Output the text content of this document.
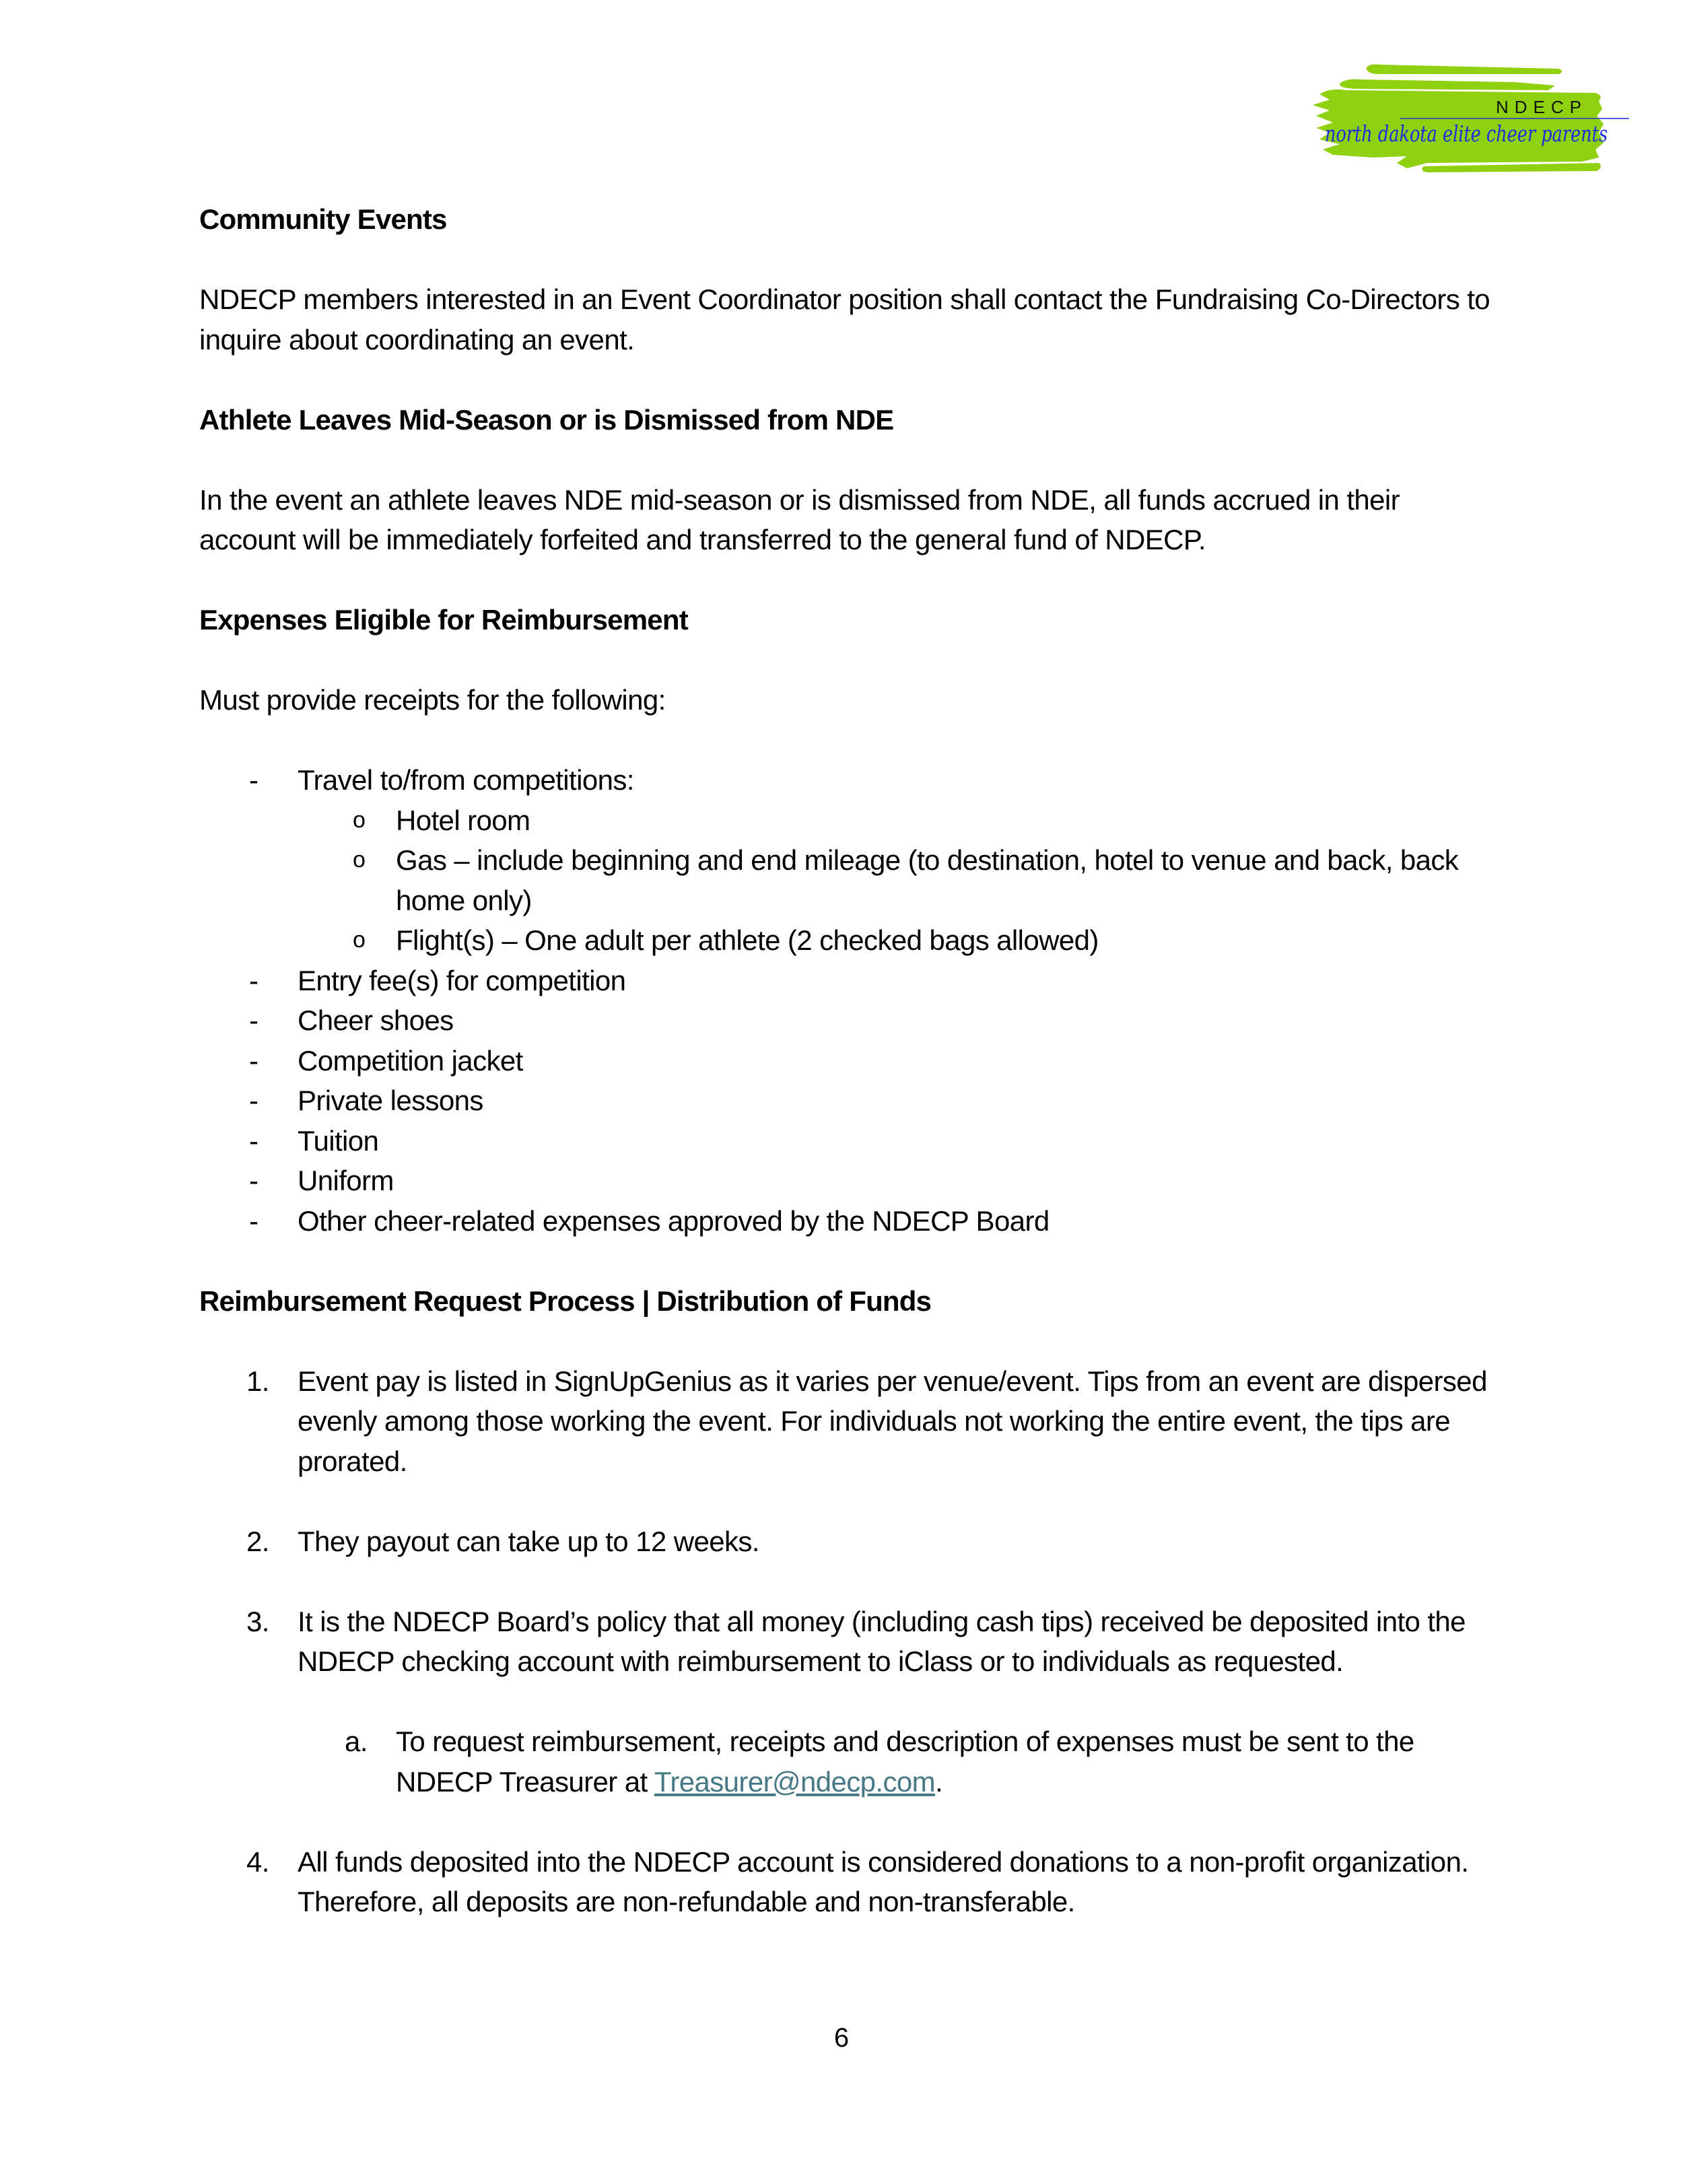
NDECP
north dakota elite cheer parents
Community Events

NDECP members interested in an Event Coordinator position shall contact the Fundraising Co-Directors to inquire about coordinating an event.

Athlete Leaves Mid-Season or is Dismissed from NDE

In the event an athlete leaves NDE mid-season or is dismissed from NDE, all funds accrued in their account will be immediately forfeited and transferred to the general fund of NDECP.

Expenses Eligible for Reimbursement

Must provide receipts for the following:

- Travel to/from competitions:
o Hotel room
o Gas – include beginning and end mileage (to destination, hotel to venue and back, back home only)
o Flight(s) – One adult per athlete (2 checked bags allowed)
- Entry fee(s) for competition
- Cheer shoes
- Competition jacket
- Private lessons
- Tuition
- Uniform
- Other cheer-related expenses approved by the NDECP Board
Reimbursement Request Process | Distribution of Funds
1. Event pay is listed in SignUpGenius as it varies per venue/event. Tips from an event are dispersed evenly among those working the event. For individuals not working the entire event, the tips are prorated.
2. They payout can take up to 12 weeks.
3. It is the NDECP Board’s policy that all money (including cash tips) received be deposited into the NDECP checking account with reimbursement to iClass or to individuals as requested.
a. To request reimbursement, receipts and description of expenses must be sent to the NDECP Treasurer at Treasurer@ndecp.com.
4. All funds deposited into the NDECP account is considered donations to a non-profit organization. Therefore, all deposits are non-refundable and non-transferable.
6
